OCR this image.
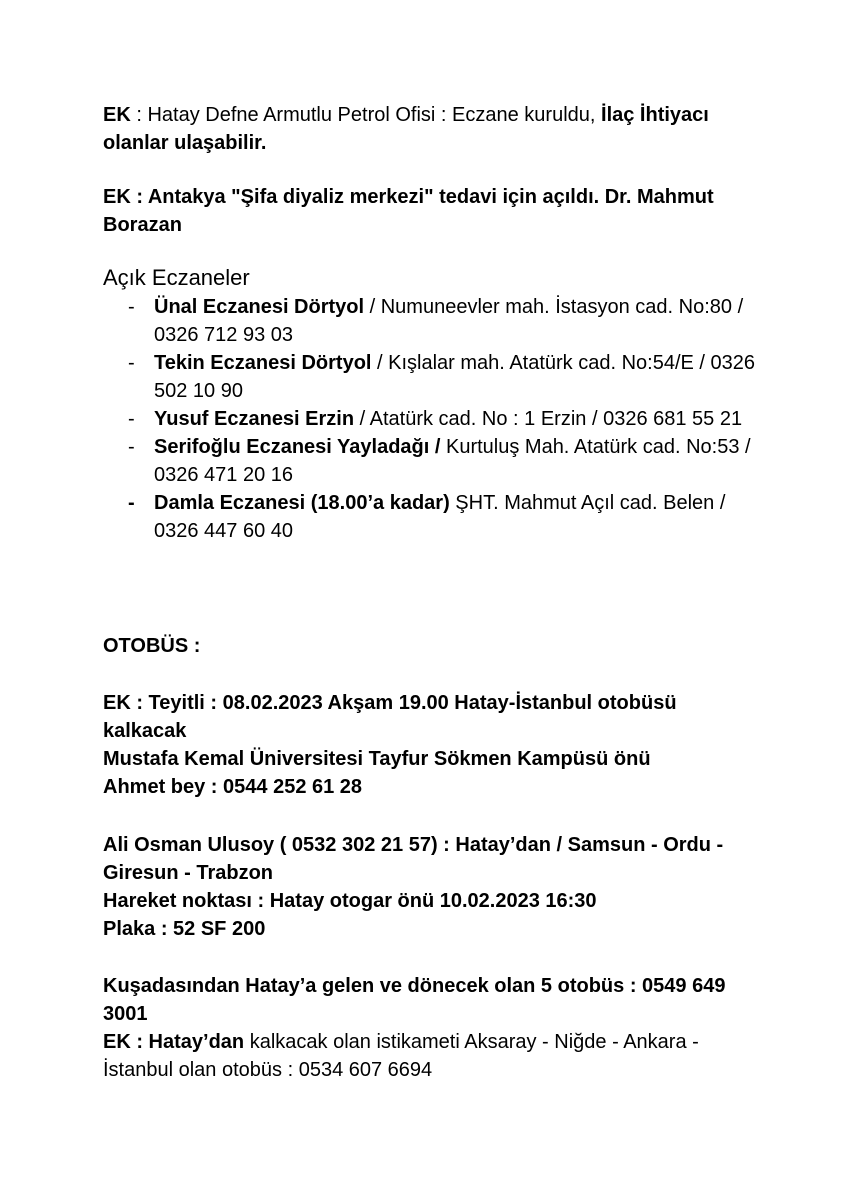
EK : Hatay Defne Armutlu Petrol Ofisi : Eczane kuruldu, İlaç İhtiyacı olanlar ulaşabilir.

EK : Antakya "Şifa diyaliz merkezi" tedavi için açıldı. Dr. Mahmut Borazan

Açık Eczaneler
- Ünal Eczanesi Dörtyol / Numuneevler mah. İstasyon cad. No:80 / 0326 712 93 03
- Tekin Eczanesi Dörtyol / Kışlalar mah. Atatürk cad. No:54/E / 0326 502 10 90
- Yusuf Eczanesi Erzin / Atatürk cad. No : 1 Erzin / 0326 681 55 21
- Serifoğlu Eczanesi Yayladağı / Kurtuluş Mah. Atatürk cad. No:53 / 0326 471 20 16
- Damla Eczanesi (18.00’a kadar) ŞHT. Mahmut Açıl cad. Belen / 0326 447 60 40

OTOBÜS :

EK : Teyitli : 08.02.2023 Akşam 19.00 Hatay-İstanbul otobüsü kalkacak
Mustafa Kemal Üniversitesi Tayfur Sökmen Kampüsü önü
Ahmet bey : 0544 252 61 28
Ali Osman Ulusoy ( 0532 302 21 57) : Hatay’dan / Samsun - Ordu - Giresun - Trabzon
Hareket noktası : Hatay otogar önü 10.02.2023 16:30
Plaka : 52 SF 200
Kuşadasından Hatay’a gelen ve dönecek olan 5 otobüs : 0549 649 3001
EK : Hatay’dan kalkacak olan istikameti Aksaray - Niğde - Ankara - İstanbul olan otobüs : 0534 607 6694
